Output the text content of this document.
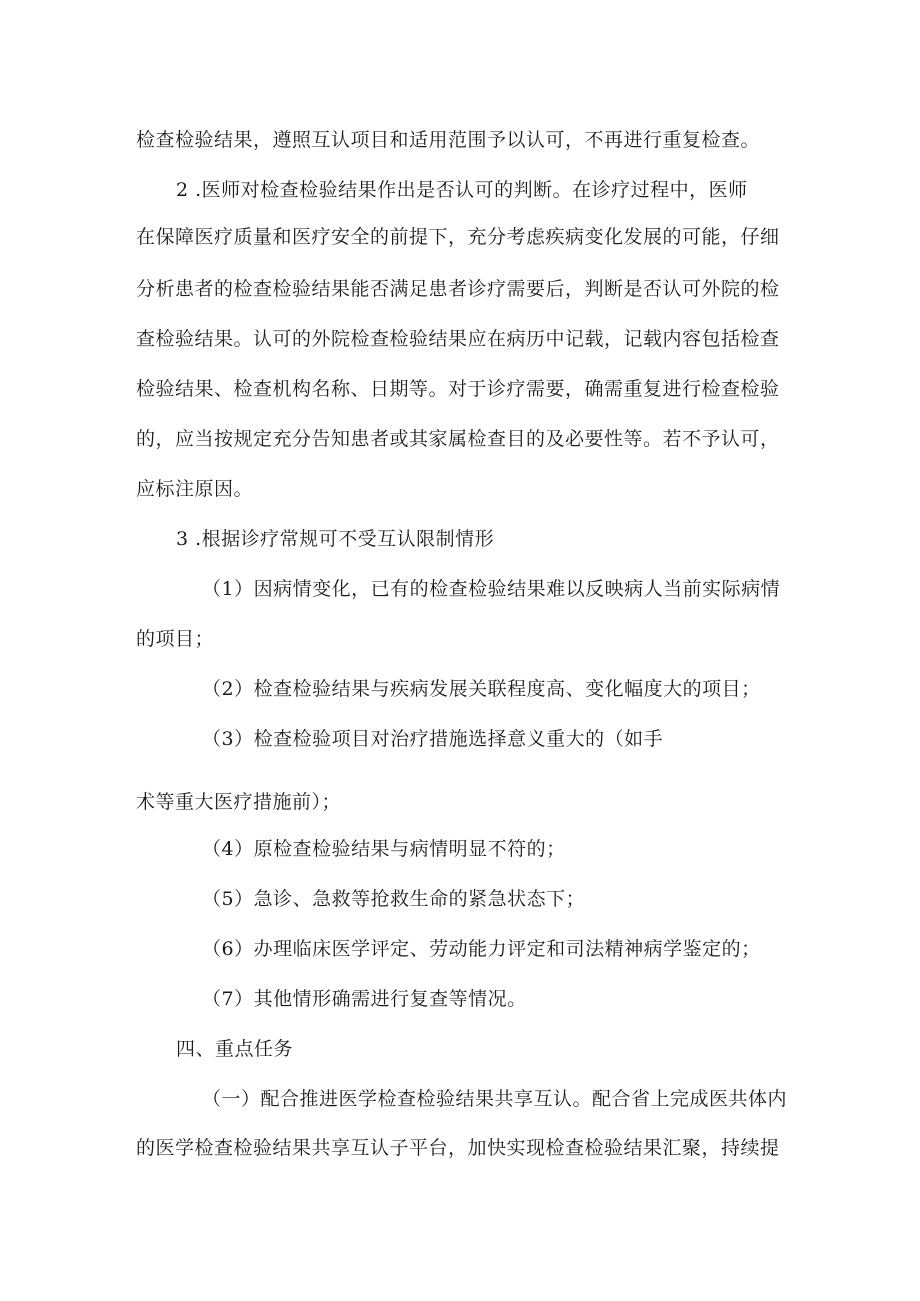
检查检验结果，遵照互认项目和适用范围予以认可，不再进行重复检查。
2 .医师对检查检验结果作出是否认可的判断。在诊疗过程中，医师
在保障医疗质量和医疗安全的前提下，充分考虑疾病变化发展的可能，仔细
分析患者的检查检验结果能否满足患者诊疗需要后，判断是否认可外院的检
查检验结果。认可的外院检查检验结果应在病历中记载，记载内容包括检查
检验结果、检查机构名称、日期等。对于诊疗需要，确需重复进行检查检验
的，应当按规定充分告知患者或其家属检查目的及必要性等。若不予认可，
应标注原因。
3 .根据诊疗常规可不受互认限制情形
（1）因病情变化，已有的检查检验结果难以反映病人当前实际病情
的项目；
（2）检查检验结果与疾病发展关联程度高、变化幅度大的项目；
（3）检查检验项目对治疗措施选择意义重大的（如手
术等重大医疗措施前）；
（4）原检查检验结果与病情明显不符的；
（5）急诊、急救等抢救生命的紧急状态下；
（6）办理临床医学评定、劳动能力评定和司法精神病学鉴定的；
（7）其他情形确需进行复查等情况。
四、重点任务
（一）配合推进医学检查检验结果共享互认。配合省上完成医共体内
的医学检查检验结果共享互认子平台，加快实现检查检验结果汇聚，持续提
